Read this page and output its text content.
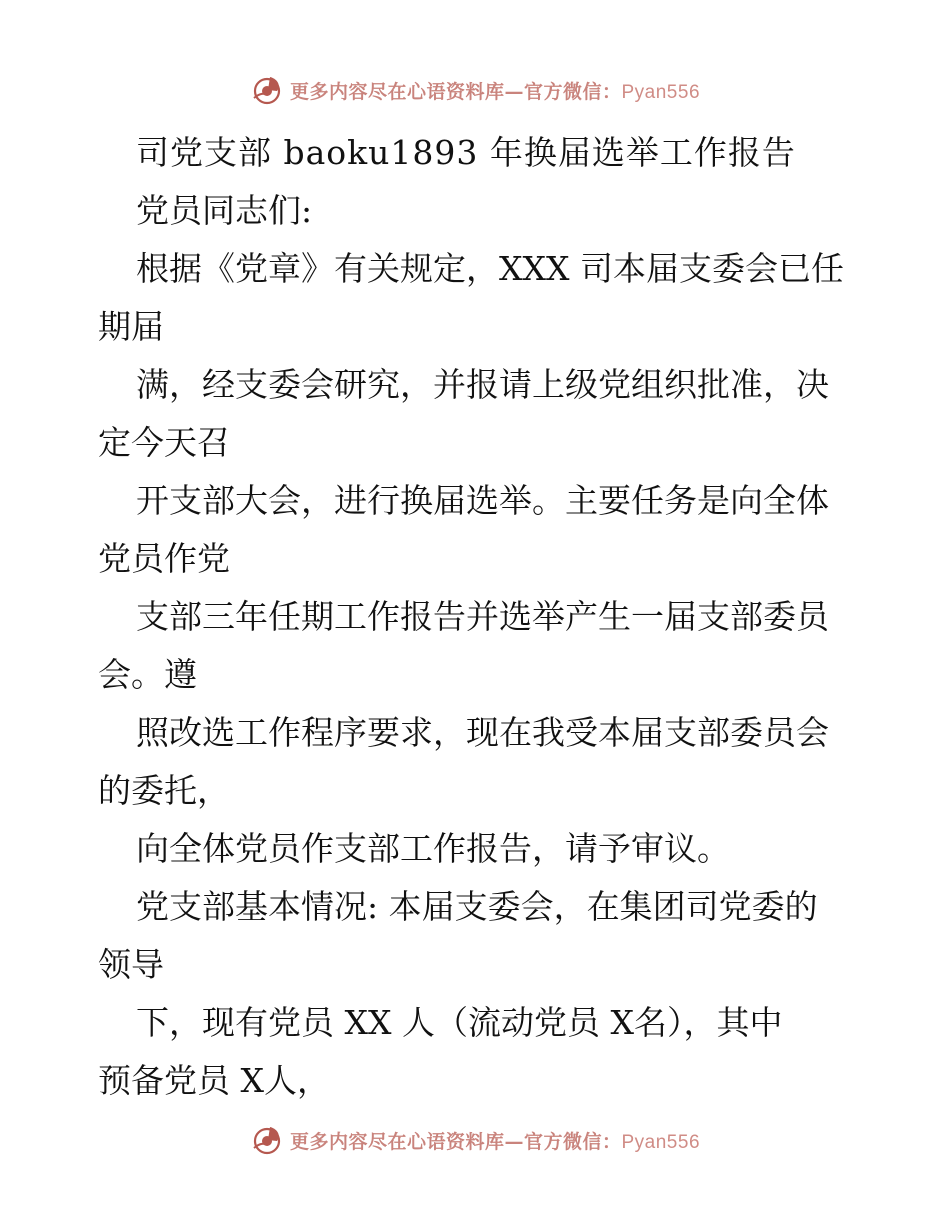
更多内容尽在心语资料库—官方微信：Pyan556
司党支部 baoku1893 年换届选举工作报告
党员同志们:
根据《党章》有关规定，XXX 司本届支委会已任
期届
满，经支委会研究，并报请上级党组织批准，决
定今天召
开支部大会，进行换届选举。主要任务是向全体
党员作党
支部三年任期工作报告并选举产生一届支部委员
会。遵
照改选工作程序要求，现在我受本届支部委员会
的委托，
向全体党员作支部工作报告，请予审议。
党支部基本情况: 本届支委会，在集团司党委的
领导
下，现有党员 XX 人（流动党员 X名），其中
预备党员 X人，
更多内容尽在心语资料库—官方微信：Pyan556
